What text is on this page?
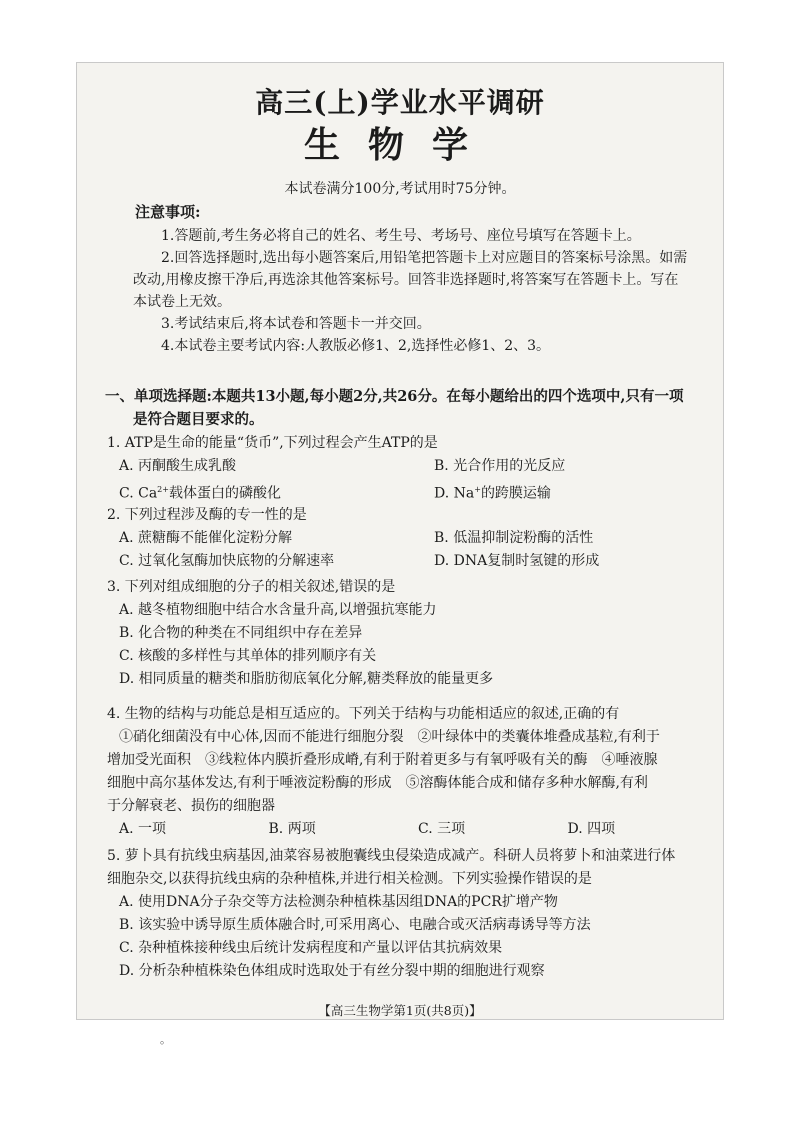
高三(上)学业水平调研
生物学
本试卷满分100分,考试用时75分钟。
注意事项:

1.答题前,考生务必将自己的姓名、考生号、考场号、座位号填写在答题卡上。

2.回答选择题时,选出每小题答案后,用铅笔把答题卡上对应题目的答案标号涂黑。如需改动,用橡皮擦干净后,再选涂其他答案标号。回答非选择题时,将答案写在答题卡上。写在本试卷上无效。

3.考试结束后,将本试卷和答题卡一并交回。

4.本试卷主要考试内容:人教版必修1、2,选择性必修1、2、3。

一、单项选择题:本题共13小题,每小题2分,共26分。在每小题给出的四个选项中,只有一项
是符合题目要求的。

1. ATP是生命的能量“货币”,下列过程会产生ATP的是

A. 丙酮酸生成乳酸	B. 光合作用的光反应
C. $Ca^{2+}$载体蛋白的磷酸化	D. Na+的跨膜运输

2. 下列过程涉及酶的专一性的是

A. 蔗糖酶不能催化淀粉分解	B. 低温抑制淀粉酶的活性
C. 过氧化氢酶加快底物的分解速率	D. DNA复制时氢键的形成

3. 下列对组成细胞的分子的相关叙述,错误的是

A. 越冬植物细胞中结合水含量升高,以增强抗寒能力

B. 化合物的种类在不同组织中存在差异

C. 核酸的多样性与其单体的排列顺序有关

D. 相同质量的糖类和脂肪彻底氧化分解,糖类释放的能量更多

4. 生物的结构与功能总是相互适应的。下列关于结构与功能相适应的叙述,正确的有

①硝化细菌没有中心体,因而不能进行细胞分裂　②叶绿体中的类囊体堆叠成基粒,有利于

增加受光面积　③线粒体内膜折叠形成嵴,有利于附着更多与有氧呼吸有关的酶　④唾液腺

细胞中高尔基体发达,有利于唾液淀粉酶的形成　⑤溶酶体能合成和储存多种水解酶,有利

于分解衰老、损伤的细胞器

A. 一项	B. 两项	C. 三项	D. 四项

5. 萝卜具有抗线虫病基因,油菜容易被胞囊线虫侵染造成减产。科研人员将萝卜和油菜进行体

细胞杂交,以获得抗线虫病的杂种植株,并进行相关检测。下列实验操作错误的是

A. 使用DNA分子杂交等方法检测杂种植株基因组DNA的PCR扩增产物

B. 该实验中诱导原生质体融合时,可采用离心、电融合或灭活病毒诱导等方法

C. 杂种植株接种线虫后统计发病程度和产量以评估其抗病效果

D. 分析杂种植株染色体组成时选取处于有丝分裂中期的细胞进行观察

【高三生物学第1页(共8页)】
。
